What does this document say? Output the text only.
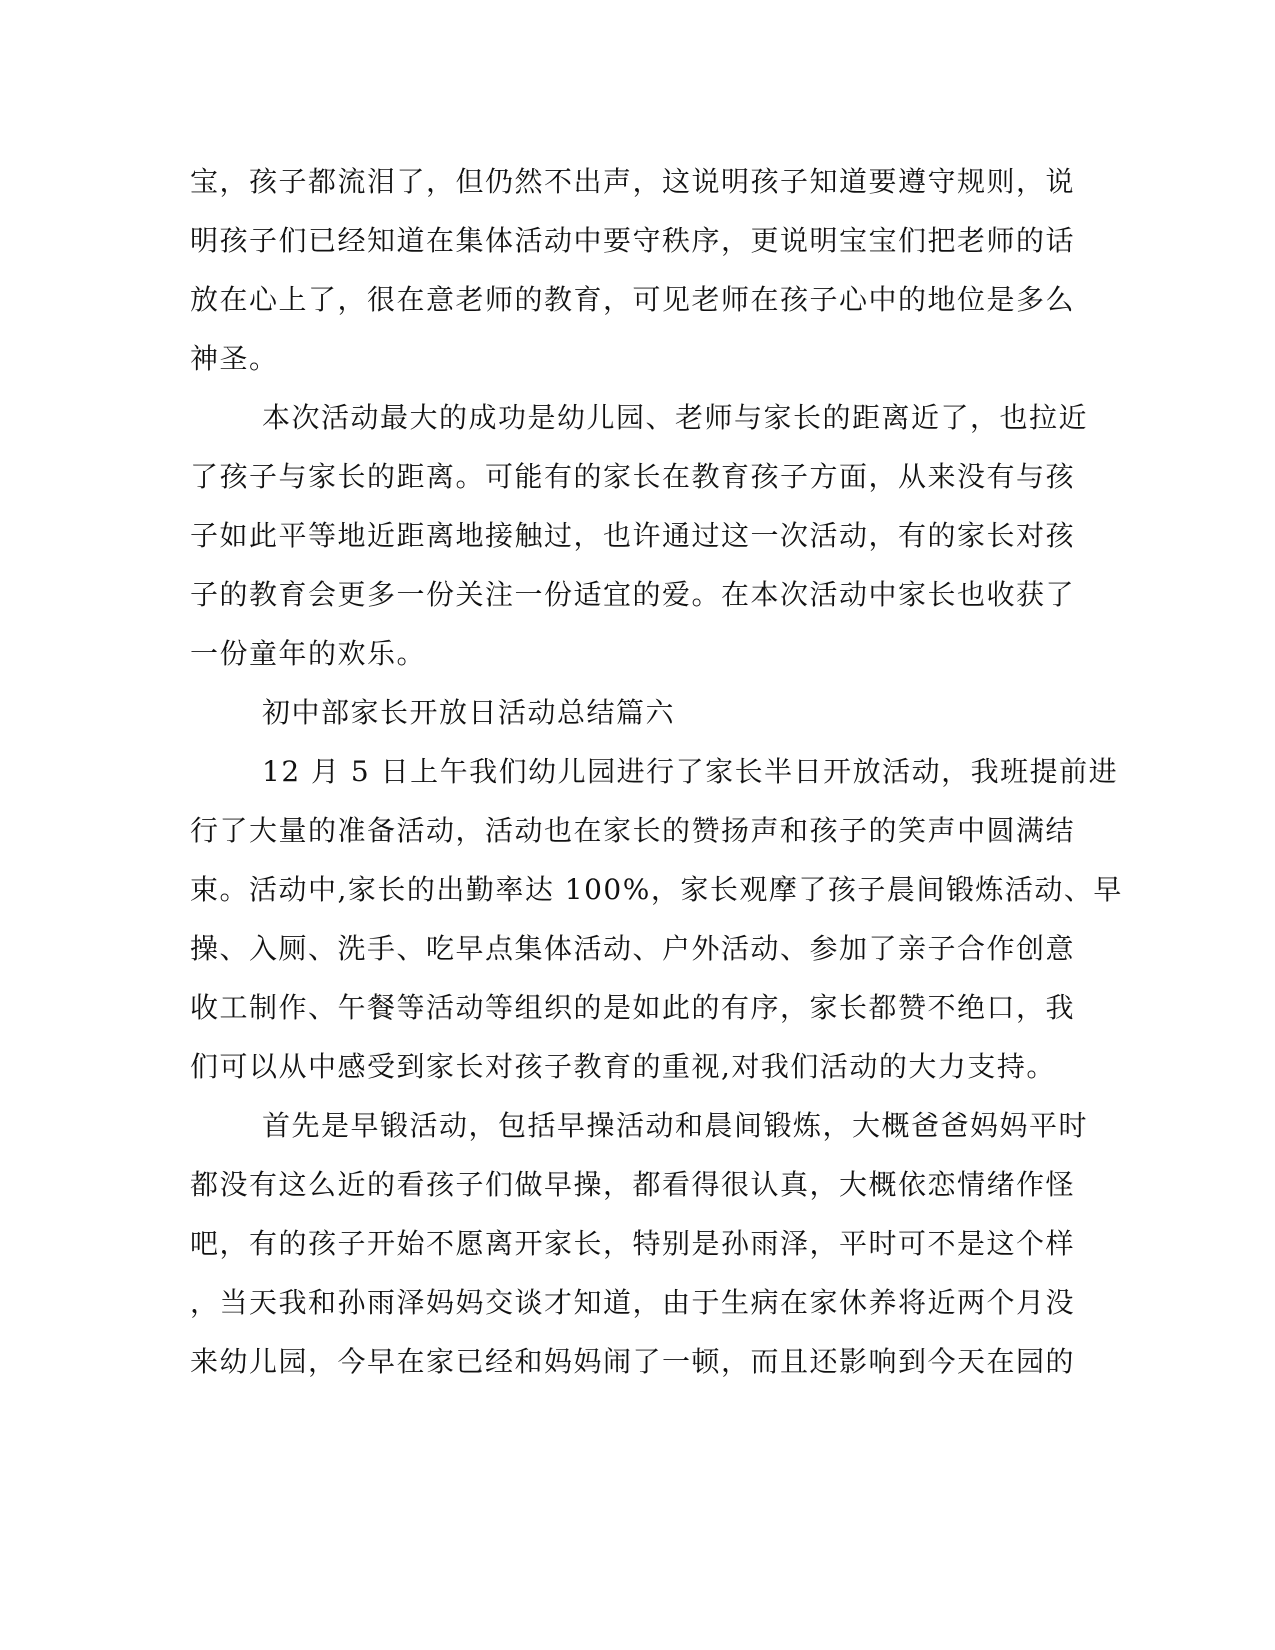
宝，孩子都流泪了，但仍然不出声，这说明孩子知道要遵守规则，说
明孩子们已经知道在集体活动中要守秩序，更说明宝宝们把老师的话
放在心上了，很在意老师的教育，可见老师在孩子心中的地位是多么
神圣。
本次活动最大的成功是幼儿园、老师与家长的距离近了，也拉近
了孩子与家长的距离。可能有的家长在教育孩子方面，从来没有与孩
子如此平等地近距离地接触过，也许通过这一次活动，有的家长对孩
子的教育会更多一份关注一份适宜的爱。在本次活动中家长也收获了
一份童年的欢乐。
初中部家长开放日活动总结篇六
12 月 5 日上午我们幼儿园进行了家长半日开放活动，我班提前进
行了大量的准备活动，活动也在家长的赞扬声和孩子的笑声中圆满结
束。活动中,家长的出勤率达 100%，家长观摩了孩子晨间锻炼活动、早
操、入厕、洗手、吃早点集体活动、户外活动、参加了亲子合作创意
收工制作、午餐等活动等组织的是如此的有序，家长都赞不绝口，我
们可以从中感受到家长对孩子教育的重视,对我们活动的大力支持。
首先是早锻活动，包括早操活动和晨间锻炼，大概爸爸妈妈平时
都没有这么近的看孩子们做早操，都看得很认真，大概依恋情绪作怪
吧，有的孩子开始不愿离开家长，特别是孙雨泽，平时可不是这个样
，当天我和孙雨泽妈妈交谈才知道，由于生病在家休养将近两个月没
来幼儿园，今早在家已经和妈妈闹了一顿，而且还影响到今天在园的
